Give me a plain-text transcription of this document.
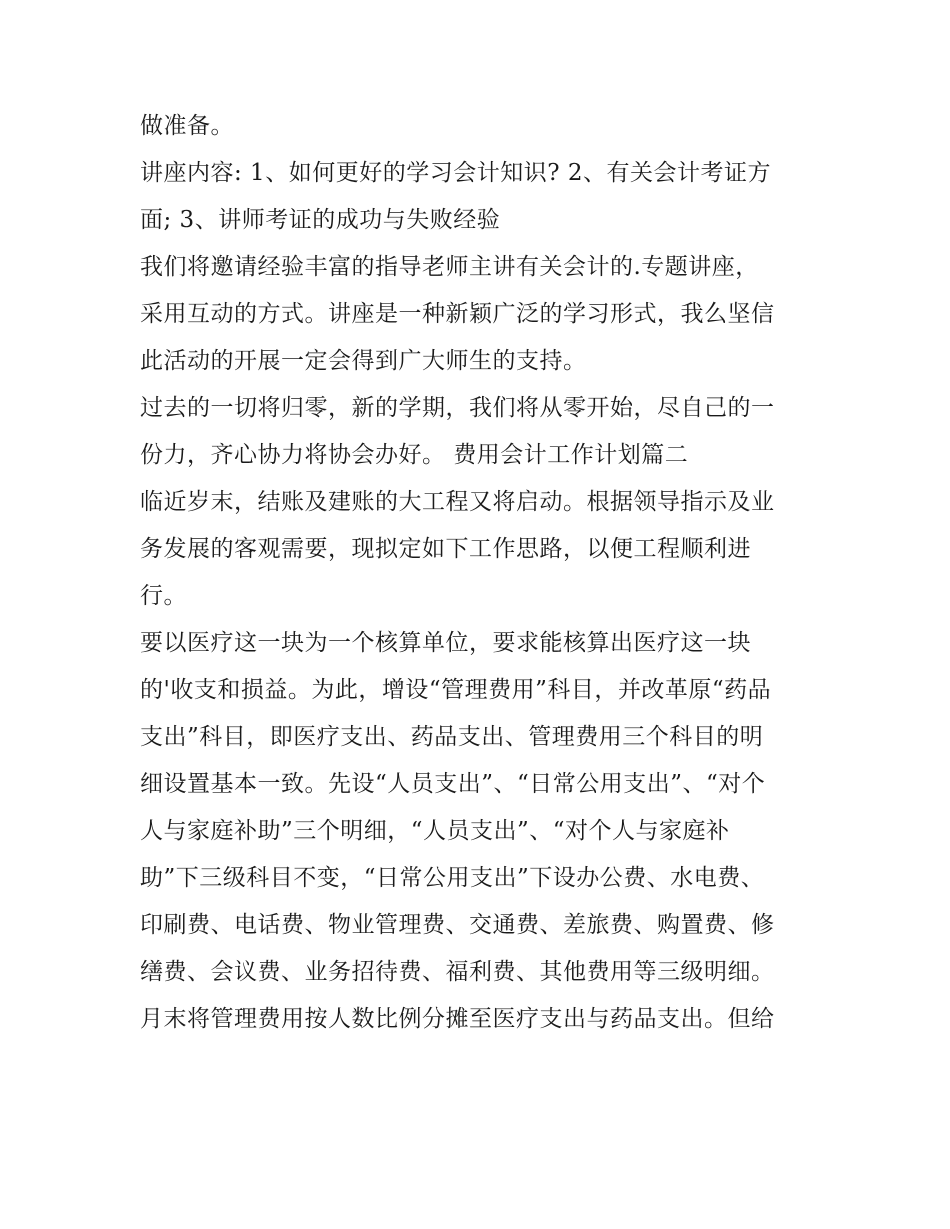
做准备。
讲座内容: 1、如何更好的学习会计知识? 2、有关会计考证方
面; 3、讲师考证的成功与失败经验
我们将邀请经验丰富的指导老师主讲有关会计的.专题讲座，
采用互动的方式。讲座是一种新颖广泛的学习形式，我么坚信
此活动的开展一定会得到广大师生的支持。
过去的一切将归零，新的学期，我们将从零开始，尽自己的一
份力，齐心协力将协会办好。 费用会计工作计划篇二
临近岁末，结账及建账的大工程又将启动。根据领导指示及业
务发展的客观需要，现拟定如下工作思路，以便工程顺利进
行。
要以医疗这一块为一个核算单位，要求能核算出医疗这一块
的'收支和损益。为此，增设“管理费用”科目，并改革原“药品
支出”科目，即医疗支出、药品支出、管理费用三个科目的明
细设置基本一致。先设“人员支出”、“日常公用支出”、“对个
人与家庭补助”三个明细，“人员支出”、“对个人与家庭补
助”下三级科目不变，“日常公用支出”下设办公费、水电费、
印刷费、电话费、物业管理费、交通费、差旅费、购置费、修
缮费、会议费、业务招待费、福利费、其他费用等三级明细。
月末将管理费用按人数比例分摊至医疗支出与药品支出。但给
